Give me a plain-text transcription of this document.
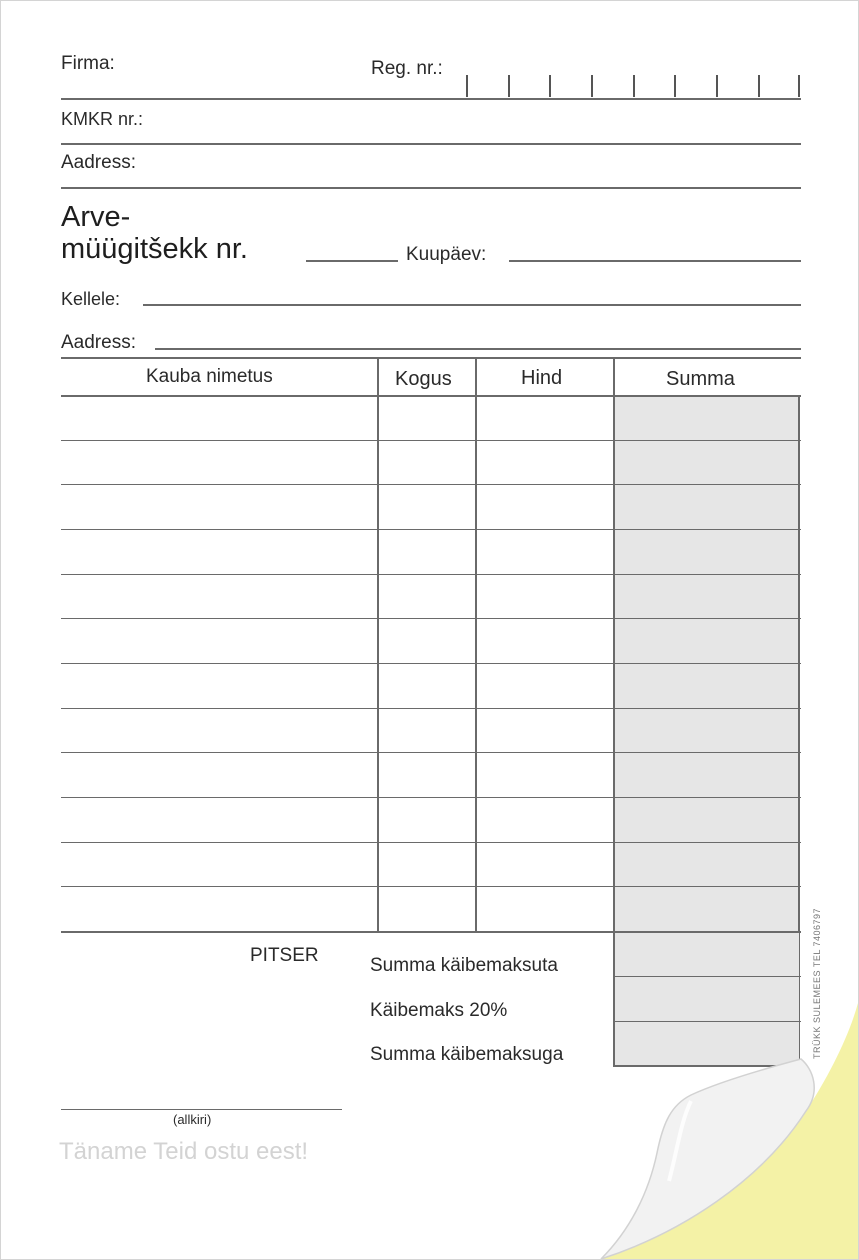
Firma:	Reg. nr.:
KMKR nr.:
Aadress:
Arve-
müügitšekk nr.	Kuupäev:
Kellele:
Aadress:
Kauba nimetus	Kogus	Hind	Summa
PITSER	Summa käibemaksuta
Käibemaks 20%
Summa käibemaksuga
(allkiri)
Täname Teid ostu eest!
TRÜKK SULEMEES TEL 7406797
